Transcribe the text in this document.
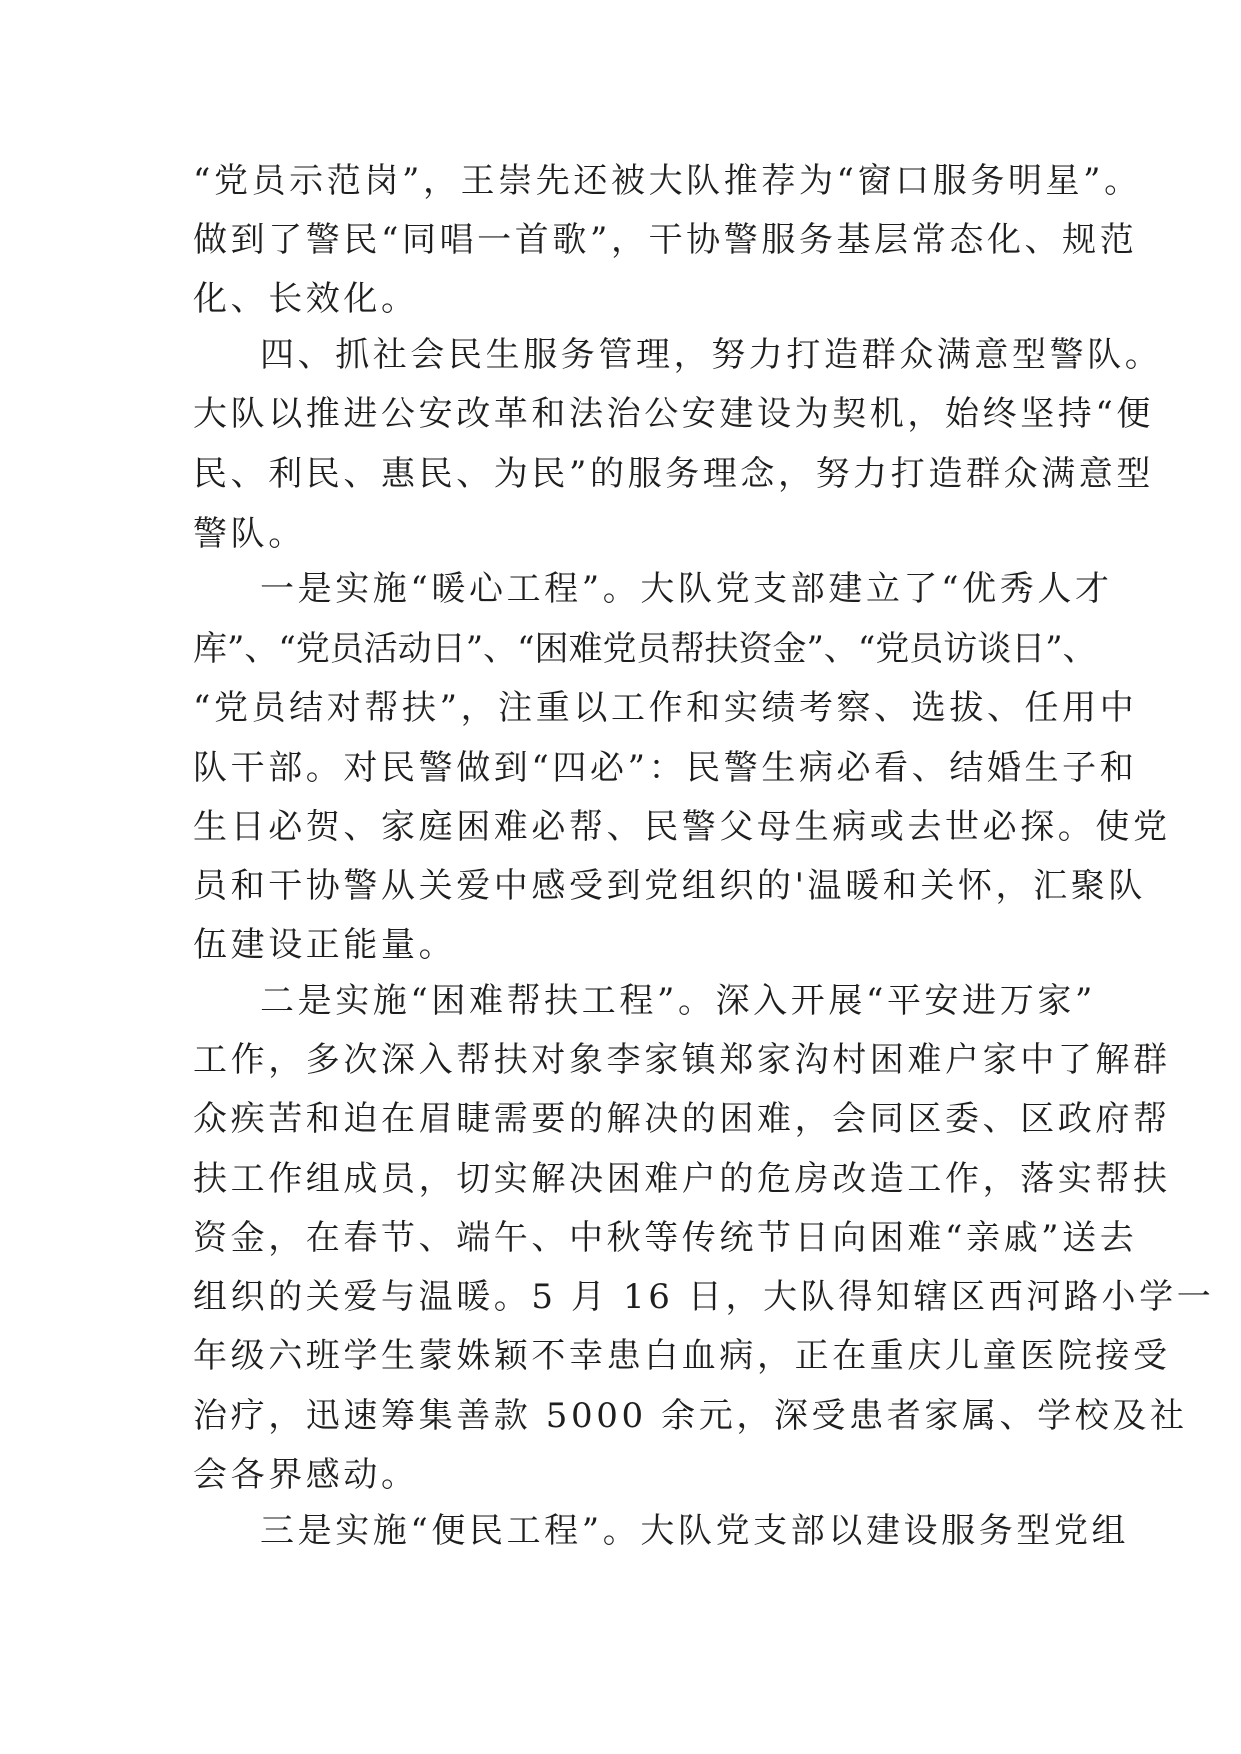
“党员示范岗”，王崇先还被大队推荐为“窗口服务明星”。
做到了警民“同唱一首歌”，干协警服务基层常态化、规范
化、长效化。
四、抓社会民生服务管理，努力打造群众满意型警队。
大队以推进公安改革和法治公安建设为契机，始终坚持“便
民、利民、惠民、为民”的服务理念，努力打造群众满意型
警队。
一是实施“暖心工程”。大队党支部建立了“优秀人才
库”、“党员活动日”、“困难党员帮扶资金”、“党员访谈日”、
“党员结对帮扶”，注重以工作和实绩考察、选拔、任用中
队干部。对民警做到“四必”：民警生病必看、结婚生子和
生日必贺、家庭困难必帮、民警父母生病或去世必探。使党
员和干协警从关爱中感受到党组织的'温暖和关怀，汇聚队
伍建设正能量。
二是实施“困难帮扶工程”。深入开展“平安进万家”
工作，多次深入帮扶对象李家镇郑家沟村困难户家中了解群
众疾苦和迫在眉睫需要的解决的困难，会同区委、区政府帮
扶工作组成员，切实解决困难户的危房改造工作，落实帮扶
资金，在春节、端午、中秋等传统节日向困难“亲戚”送去
组织的关爱与温暖。5 月 16 日，大队得知辖区西河路小学一
年级六班学生蒙姝颖不幸患白血病，正在重庆儿童医院接受
治疗，迅速筹集善款 5000 余元，深受患者家属、学校及社
会各界感动。
三是实施“便民工程”。大队党支部以建设服务型党组
